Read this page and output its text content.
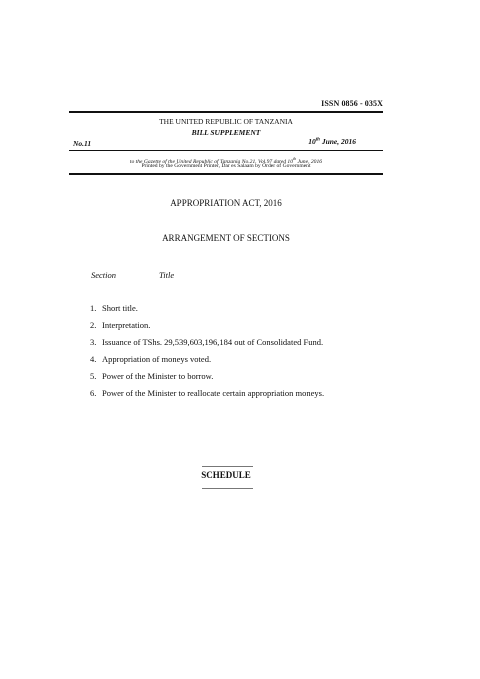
ISSN 0856 - 035X
THE UNITED REPUBLIC OF TANZANIA
BILL SUPPLEMENT
No.11	10th June, 2016
to the Gazette of the United Republic of Tanzania No.21. Vol.97 dated 10th June, 2016
Printed by the Government Printer, Dar es Salaam by Order of Government
APPROPRIATION ACT, 2016
ARRANGEMENT OF SECTIONS
Section	Title
1. Short title.
2. Interpretation.
3. Issuance of TShs. 29,539,603,196,184 out of Consolidated Fund.
4. Appropriation of moneys voted.
5. Power of the Minister to borrow.
6. Power of the Minister to reallocate certain appropriation moneys.
SCHEDULE
